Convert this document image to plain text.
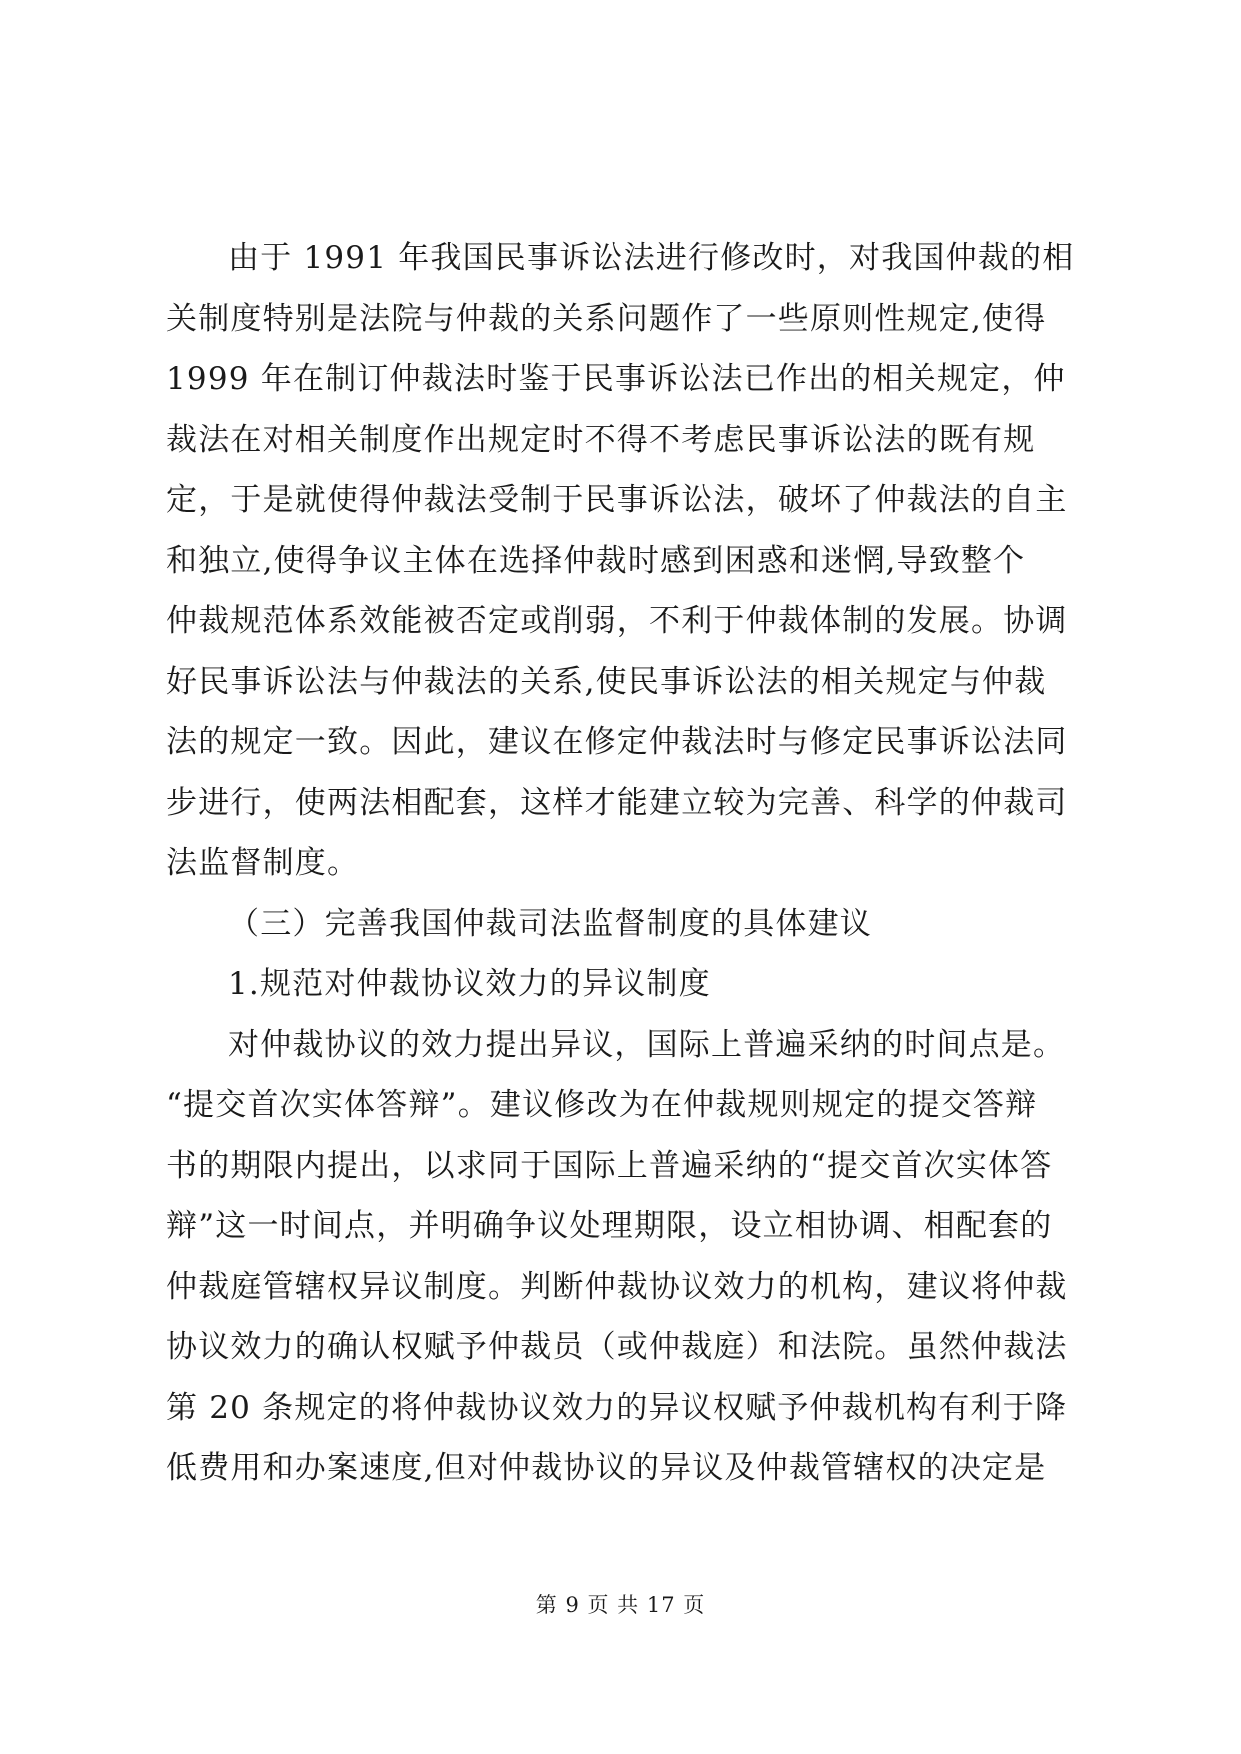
由于 1991 年我国民事诉讼法进行修改时，对我国仲裁的相
关制度特别是法院与仲裁的关系问题作了一些原则性规定,使得
1999 年在制订仲裁法时鉴于民事诉讼法已作出的相关规定，仲
裁法在对相关制度作出规定时不得不考虑民事诉讼法的既有规
定，于是就使得仲裁法受制于民事诉讼法，破坏了仲裁法的自主
和独立,使得争议主体在选择仲裁时感到困惑和迷惘,导致整个
仲裁规范体系效能被否定或削弱，不利于仲裁体制的发展。协调
好民事诉讼法与仲裁法的关系,使民事诉讼法的相关规定与仲裁
法的规定一致。因此，建议在修定仲裁法时与修定民事诉讼法同
步进行，使两法相配套，这样才能建立较为完善、科学的仲裁司
法监督制度。
（三）完善我国仲裁司法监督制度的具体建议
1.规范对仲裁协议效力的异议制度
对仲裁协议的效力提出异议，国际上普遍采纳的时间点是。
“提交首次实体答辩”。建议修改为在仲裁规则规定的提交答辩
书的期限内提出，以求同于国际上普遍采纳的“提交首次实体答
辩”这一时间点，并明确争议处理期限，设立相协调、相配套的
仲裁庭管辖权异议制度。判断仲裁协议效力的机构，建议将仲裁
协议效力的确认权赋予仲裁员（或仲裁庭）和法院。虽然仲裁法
第 20 条规定的将仲裁协议效力的异议权赋予仲裁机构有利于降
低费用和办案速度,但对仲裁协议的异议及仲裁管辖权的决定是
第 9 页 共 17 页
